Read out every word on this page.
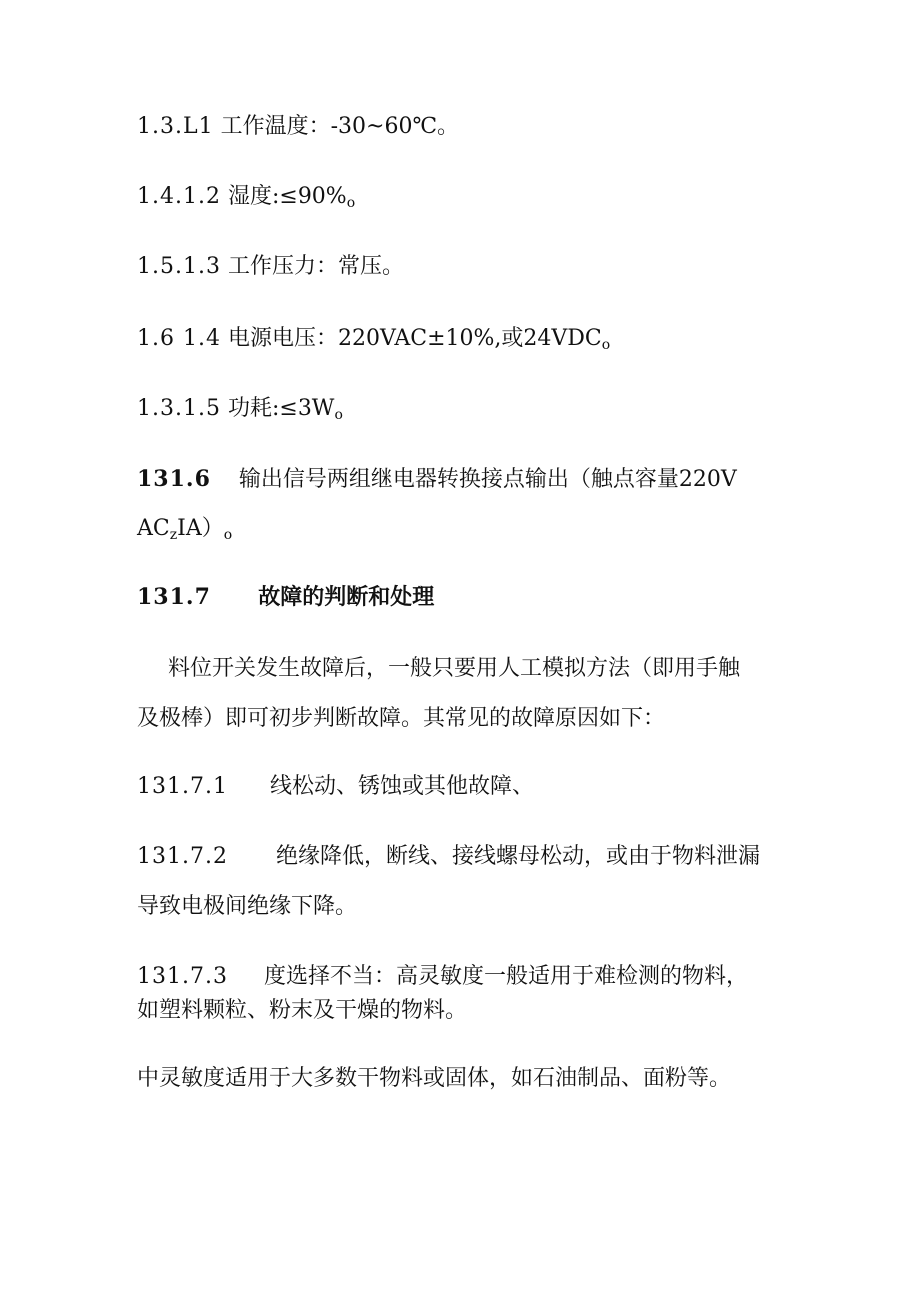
1.3.L1 工作温度：-30~60℃。
1.4.1.2 湿度$:\le 90\%_o$
1.5.1.3 工作压力：常压。
1.6 1.4 电源电压：220VAC±10%,或$24VDC_o$
1.3.1.5 功耗$:\le 3W_o$
131.6 输出信号两组继电器转换接点输出（触点容量220V
$AC_zIA)_o$
131.7 故障的判断和处理
料位开关发生故障后，一般只要用人工模拟方法（即用手触
及极棒）即可初步判断故障。其常见的故障原因如下：
131.7.1 线松动、锈蚀或其他故障、
131.7.2 绝缘降低，断线、接线螺母松动，或由于物料泄漏
导致电极间绝缘下降。
131.7.3 度选择不当：高灵敏度一般适用于难检测的物料，
如塑料颗粒、粉末及干燥的物料。
中灵敏度适用于大多数干物料或固体，如石油制品、面粉等。
